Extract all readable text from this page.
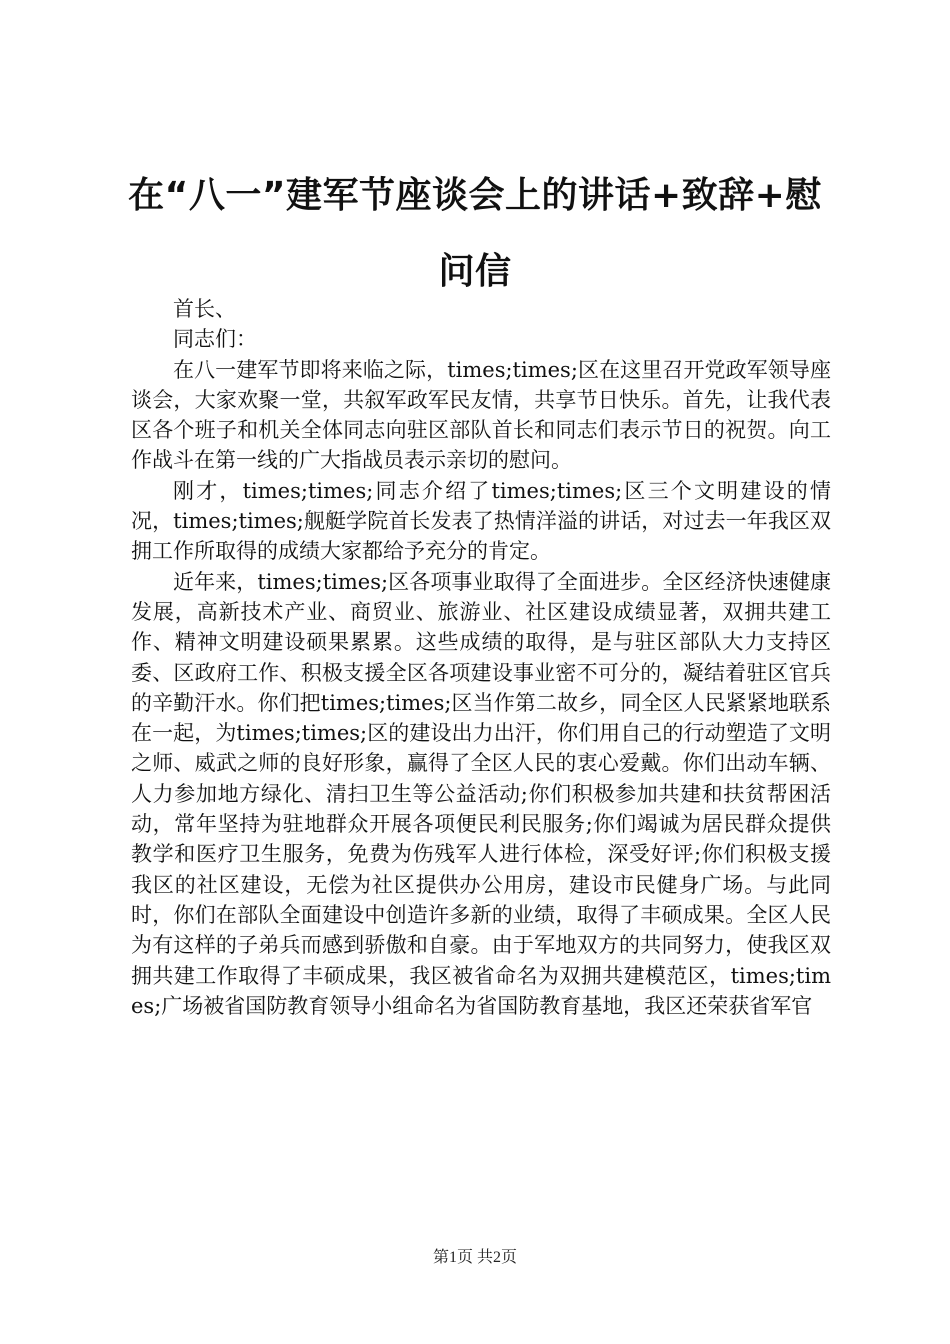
在“八一”建军节座谈会上的讲话+致辞+慰问信

首长、

同志们：

在八一建军节即将来临之际，times;times;区在这里召开党政军领导座谈会，大家欢聚一堂，共叙军政军民友情，共享节日快乐。首先，让我代表区各个班子和机关全体同志向驻区部队首长和同志们表示节日的祝贺。向工作战斗在第一线的广大指战员表示亲切的慰问。

刚才，times;times;同志介绍了times;times;区三个文明建设的情况，times;times;舰艇学院首长发表了热情洋溢的讲话，对过去一年我区双拥工作所取得的成绩大家都给予充分的肯定。

近年来，times;times;区各项事业取得了全面进步。全区经济快速健康发展，高新技术产业、商贸业、旅游业、社区建设成绩显著，双拥共建工作、精神文明建设硕果累累。这些成绩的取得，是与驻区部队大力支持区委、区政府工作、积极支援全区各项建设事业密不可分的，凝结着驻区官兵的辛勤汗水。你们把times;times;区当作第二故乡，同全区人民紧紧地联系在一起，为times;times;区的建设出力出汗，你们用自己的行动塑造了文明之师、威武之师的良好形象，赢得了全区人民的衷心爱戴。你们出动车辆、人力参加地方绿化、清扫卫生等公益活动;你们积极参加共建和扶贫帮困活动，常年坚持为驻地群众开展各项便民利民服务;你们竭诚为居民群众提供教学和医疗卫生服务，免费为伤残军人进行体检，深受好评;你们积极支援我区的社区建设，无偿为社区提供办公用房，建设市民健身广场。与此同时，你们在部队全面建设中创造许多新的业绩，取得了丰硕成果。全区人民为有这样的子弟兵而感到骄傲和自豪。由于军地双方的共同努力，使我区双拥共建工作取得了丰硕成果，我区被省命名为双拥共建模范区，times;times;广场被省国防教育领导小组命名为省国防教育基地，我区还荣获省军官

第1页 共2页
